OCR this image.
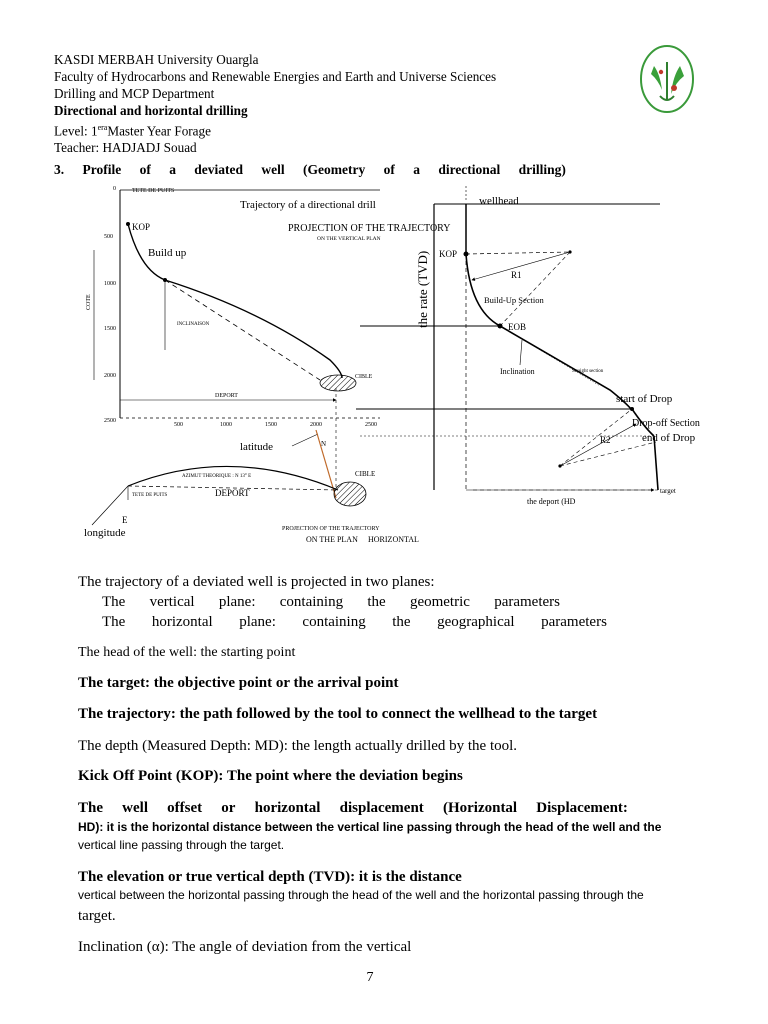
KASDI MERBAH University Ouargla
Faculty of Hydrocarbons and Renewable Energies and Earth and Universe Sciences
Drilling and MCP Department
Directional and horizontal drilling
Level: $1^{era}Master$ Year Forage
Teacher: HADJADJ Souad
3. Profile of a deviated well (Geometry of a directional drilling)
TETE DE PUITS
500
1000
1500
2000
2500
0
COTE
KOP
Build up
INCLINAISON
CIBLE
DEPORT
500	1000	1500	2000	2500
latitude	N
AZIMUT THEORIQUE : N 13° E
TETE DE PUITS
CIBLE
DEPORT
E
longitude	PROJECTION OF THE TRAJECTORY
ON THE PLAN HORIZONTAL
Trajectory of a directional drill
PROJECTION OF THE TRAJECTORY
ON THE VERTICAL PLAN
wellhead
the rate (TVD) KOP
R1
Build-Up Section
EOB
Inclination	Straight section
start of Drop
Drop-off Section
end of Drop
R2
the deport (HD
target
The trajectory of a deviated well is projected in two planes:
The vertical plane: containing the geometric parameters
The horizontal plane: containing the geographical parameters
The head of the well: the starting point
The target: the objective point or the arrival point
The trajectory: the path followed by the tool to connect the wellhead to the target
The depth (Measured Depth: MD): the length actually drilled by the tool.
Kick Off Point (KOP): The point where the deviation begins
The well offset or horizontal displacement (Horizontal Displacement:
HD): it is the horizontal distance between the vertical line passing through the head of the well and the
vertical line passing through the target.
The elevation or true vertical depth (TVD): it is the distance
vertical between the horizontal passing through the head of the well and the horizontal passing through the
target.
Inclination (α): The angle of deviation from the vertical
7
